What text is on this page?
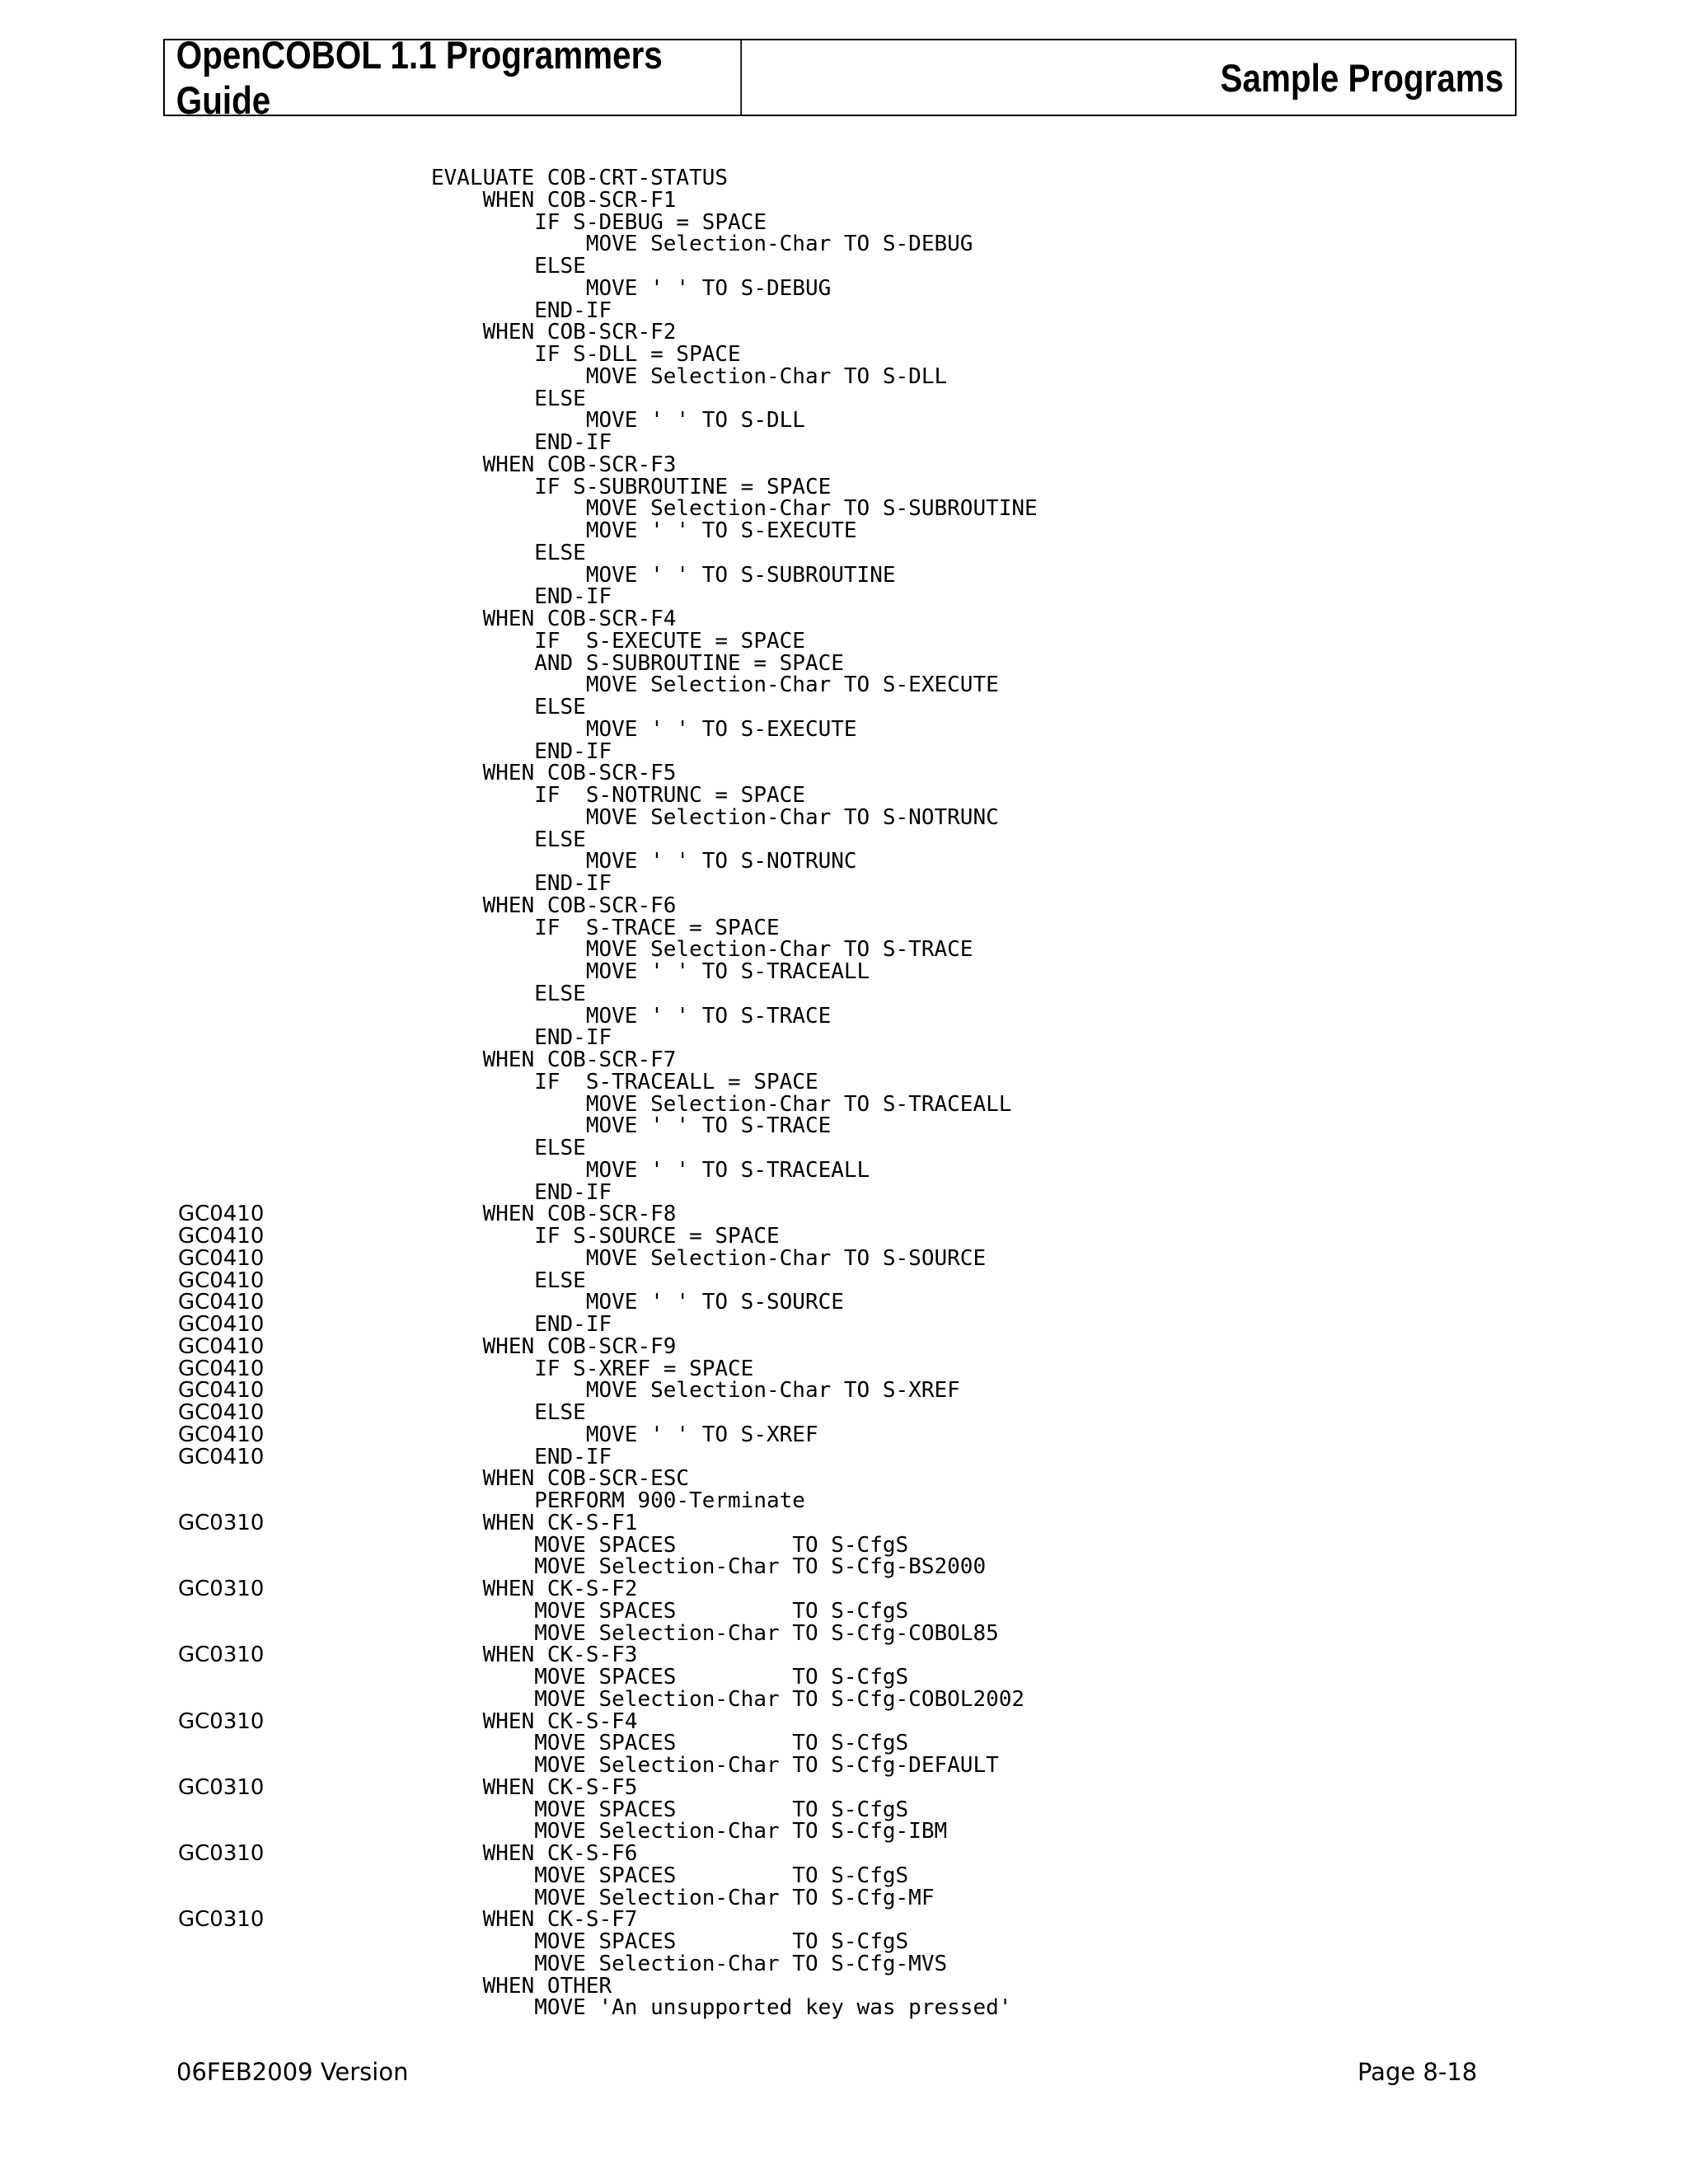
OpenCOBOL 1.1 Programmers Guide
Sample Programs
EVALUATE COB-CRT-STATUS
WHEN COB-SCR-F1
IF S-DEBUG = SPACE
MOVE Selection-Char TO S-DEBUG
ELSE
MOVE ' ' TO S-DEBUG
END-IF
WHEN COB-SCR-F2
IF S-DLL = SPACE
MOVE Selection-Char TO S-DLL
ELSE
MOVE ' ' TO S-DLL
END-IF
WHEN COB-SCR-F3
IF S-SUBROUTINE = SPACE
MOVE Selection-Char TO S-SUBROUTINE
MOVE ' ' TO S-EXECUTE
ELSE
MOVE ' ' TO S-SUBROUTINE
END-IF
WHEN COB-SCR-F4
IF  S-EXECUTE = SPACE
AND S-SUBROUTINE = SPACE
MOVE Selection-Char TO S-EXECUTE
ELSE
MOVE ' ' TO S-EXECUTE
END-IF
WHEN COB-SCR-F5
IF  S-NOTRUNC = SPACE
MOVE Selection-Char TO S-NOTRUNC
ELSE
MOVE ' ' TO S-NOTRUNC
END-IF
WHEN COB-SCR-F6
IF  S-TRACE = SPACE
MOVE Selection-Char TO S-TRACE
MOVE ' ' TO S-TRACEALL
ELSE
MOVE ' ' TO S-TRACE
END-IF
WHEN COB-SCR-F7
IF  S-TRACEALL = SPACE
MOVE Selection-Char TO S-TRACEALL
MOVE ' ' TO S-TRACE
ELSE
MOVE ' ' TO S-TRACEALL
END-IF
GC0410	WHEN COB-SCR-F8
GC0410	IF S-SOURCE = SPACE
GC0410	MOVE Selection-Char TO S-SOURCE
GC0410	ELSE
GC0410	MOVE ' ' TO S-SOURCE
GC0410	END-IF
GC0410	WHEN COB-SCR-F9
GC0410	IF S-XREF = SPACE
GC0410	MOVE Selection-Char TO S-XREF
GC0410	ELSE
GC0410	MOVE ' ' TO S-XREF
GC0410	END-IF
WHEN COB-SCR-ESC
PERFORM 900-Terminate
GC0310	WHEN CK-S-F1
MOVE SPACES         TO S-CfgS
MOVE Selection-Char TO S-Cfg-BS2000
GC0310	WHEN CK-S-F2
MOVE SPACES         TO S-CfgS
MOVE Selection-Char TO S-Cfg-COBOL85
GC0310	WHEN CK-S-F3
MOVE SPACES         TO S-CfgS
MOVE Selection-Char TO S-Cfg-COBOL2002
GC0310	WHEN CK-S-F4
MOVE SPACES         TO S-CfgS
MOVE Selection-Char TO S-Cfg-DEFAULT
GC0310	WHEN CK-S-F5
MOVE SPACES         TO S-CfgS
MOVE Selection-Char TO S-Cfg-IBM
GC0310	WHEN CK-S-F6
MOVE SPACES         TO S-CfgS
MOVE Selection-Char TO S-Cfg-MF
GC0310	WHEN CK-S-F7
MOVE SPACES         TO S-CfgS
MOVE Selection-Char TO S-Cfg-MVS
WHEN OTHER
MOVE 'An unsupported key was pressed'
06FEB2009 Version	Page 8-18
